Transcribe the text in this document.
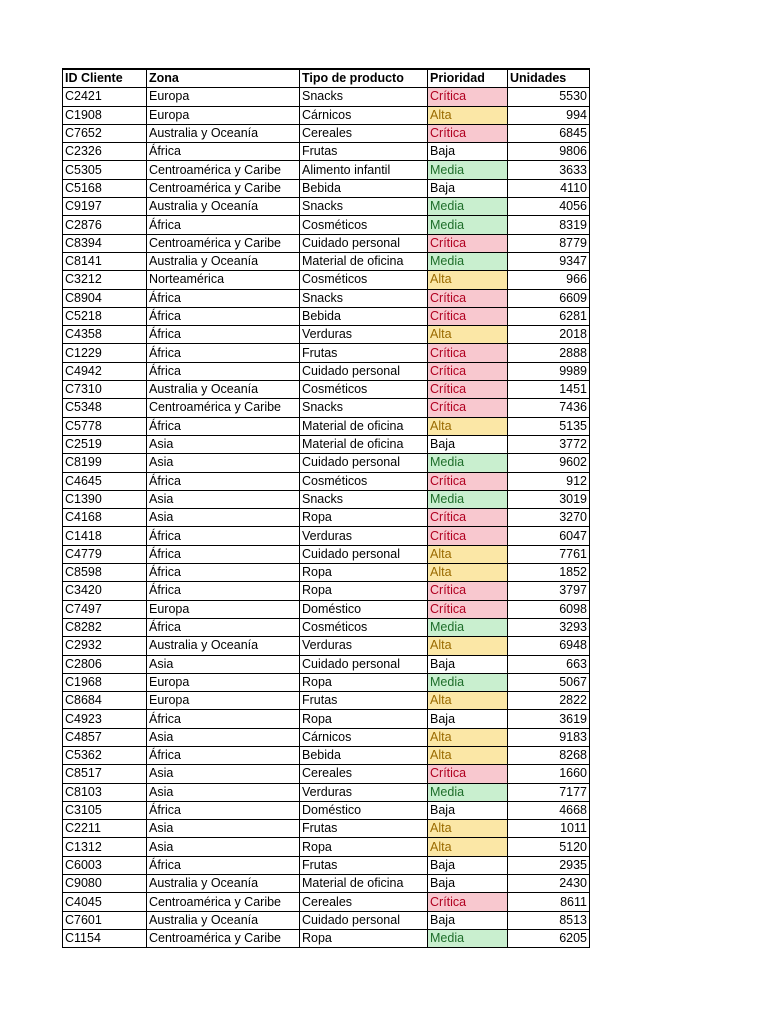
ID Cliente	Zona	Tipo de producto	Prioridad	Unidades
C2421	Europa	Snacks	Crítica	5530
C1908	Europa	Cárnicos	Alta	994
C7652	Australia y Oceanía	Cereales	Crítica	6845
C2326	África	Frutas	Baja	9806
C5305	Centroamérica y Caribe	Alimento infantil	Media	3633
C5168	Centroamérica y Caribe	Bebida	Baja	4110
C9197	Australia y Oceanía	Snacks	Media	4056
C2876	África	Cosméticos	Media	8319
C8394	Centroamérica y Caribe	Cuidado personal	Crítica	8779
C8141	Australia y Oceanía	Material de oficina	Media	9347
C3212	Norteamérica	Cosméticos	Alta	966
C8904	África	Snacks	Crítica	6609
C5218	África	Bebida	Crítica	6281
C4358	África	Verduras	Alta	2018
C1229	África	Frutas	Crítica	2888
C4942	África	Cuidado personal	Crítica	9989
C7310	Australia y Oceanía	Cosméticos	Crítica	1451
C5348	Centroamérica y Caribe	Snacks	Crítica	7436
C5778	África	Material de oficina	Alta	5135
C2519	Asia	Material de oficina	Baja	3772
C8199	Asia	Cuidado personal	Media	9602
C4645	África	Cosméticos	Crítica	912
C1390	Asia	Snacks	Media	3019
C4168	Asia	Ropa	Crítica	3270
C1418	África	Verduras	Crítica	6047
C4779	África	Cuidado personal	Alta	7761
C8598	África	Ropa	Alta	1852
C3420	África	Ropa	Crítica	3797
C7497	Europa	Doméstico	Crítica	6098
C8282	África	Cosméticos	Media	3293
C2932	Australia y Oceanía	Verduras	Alta	6948
C2806	Asia	Cuidado personal	Baja	663
C1968	Europa	Ropa	Media	5067
C8684	Europa	Frutas	Alta	2822
C4923	África	Ropa	Baja	3619
C4857	Asia	Cárnicos	Alta	9183
C5362	África	Bebida	Alta	8268
C8517	Asia	Cereales	Crítica	1660
C8103	Asia	Verduras	Media	7177
C3105	África	Doméstico	Baja	4668
C2211	Asia	Frutas	Alta	1011
C1312	Asia	Ropa	Alta	5120
C6003	África	Frutas	Baja	2935
C9080	Australia y Oceanía	Material de oficina	Baja	2430
C4045	Centroamérica y Caribe	Cereales	Crítica	8611
C7601	Australia y Oceanía	Cuidado personal	Baja	8513
C1154	Centroamérica y Caribe	Ropa	Media	6205
